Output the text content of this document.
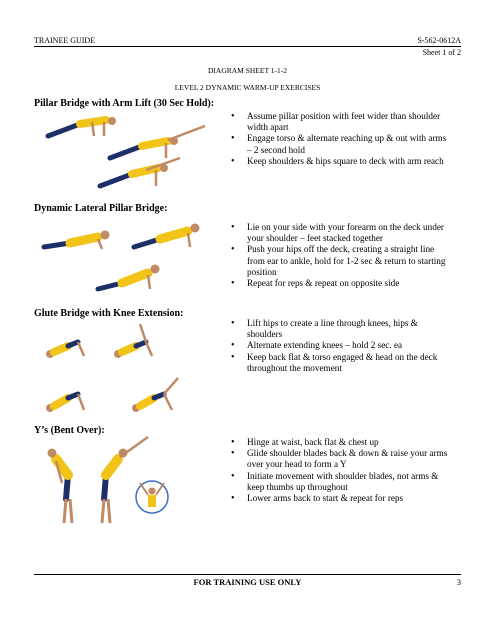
TRAINEE GUIDE	S-562-0612A
Sheet 1 of 2
DIAGRAM SHEET 1-1-2
LEVEL 2 DYNAMIC WARM-UP EXERCISES
Pillar Bridge with Arm Lift (30 Sec Hold):
• Assume pillar position with feet wider than shoulder width apart
• Engage torso & alternate reaching up & out with arms – 2 second hold
• Keep shoulders & hips square to deck with arm reach
Dynamic Lateral Pillar Bridge:
• Lie on your side with your forearm on the deck under your shoulder – feet stacked together
• Push your hips off the deck, creating a straight line from ear to ankle, hold for 1-2 sec & return to starting position
• Repeat for reps & repeat on opposite side
Glute Bridge with Knee Extension:
• Lift hips to create a line through knees, hips & shoulders
• Alternate extending knees – hold 2 sec. ea
• Keep back flat & torso engaged & head on the deck throughout the movement
Y’s (Bent Over):
• Hinge at waist, back flat & chest up
• Glide shoulder blades back & down & raise your arms over your head to form a Y
• Initiate movement with shoulder blades, not arms & keep thumbs up throughout
• Lower arms back to start & repeat for reps
FOR TRAINING USE ONLY	3
